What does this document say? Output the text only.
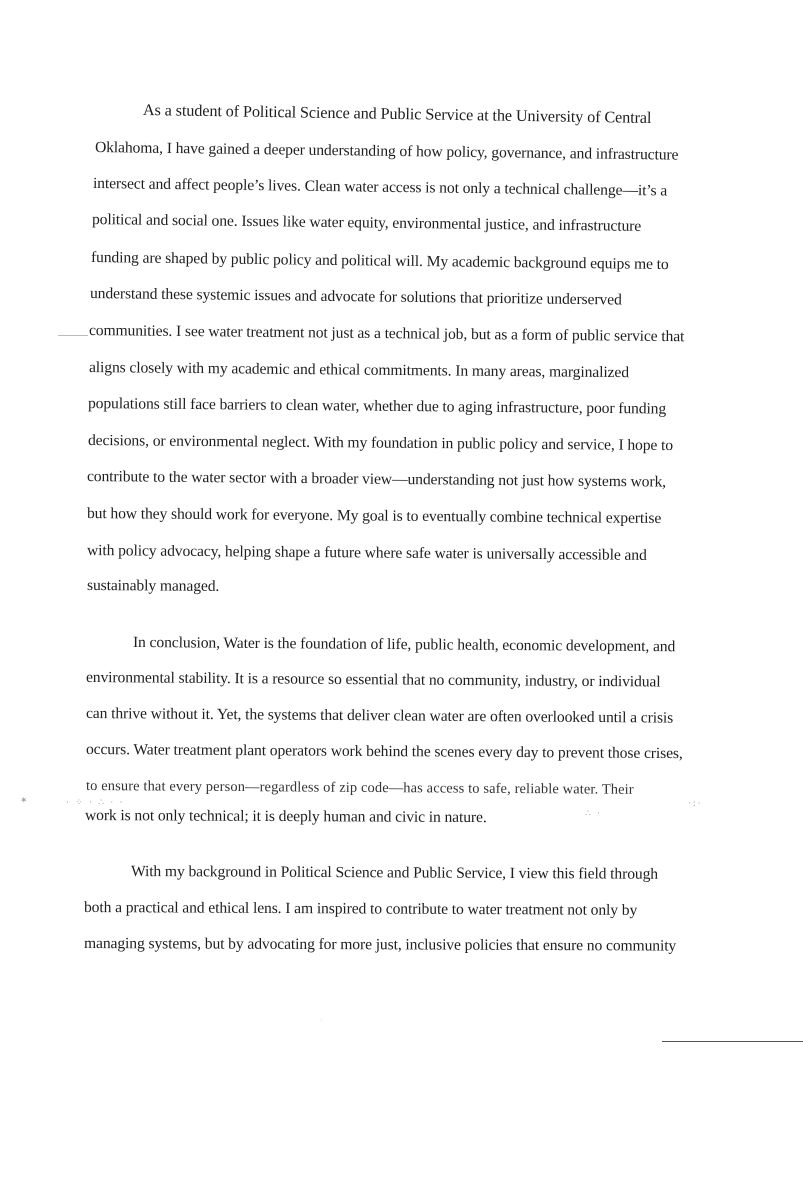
As a student of Political Science and Public Service at the University of Central
Oklahoma, I have gained a deeper understanding of how policy, governance, and infrastructure
intersect and affect people’s lives. Clean water access is not only a technical challenge—it’s a
political and social one. Issues like water equity, environmental justice, and infrastructure
funding are shaped by public policy and political will. My academic background equips me to
understand these systemic issues and advocate for solutions that prioritize underserved
communities. I see water treatment not just as a technical job, but as a form of public service that
aligns closely with my academic and ethical commitments. In many areas, marginalized
populations still face barriers to clean water, whether due to aging infrastructure, poor funding
decisions, or environmental neglect. With my foundation in public policy and service, I hope to
contribute to the water sector with a broader view—understanding not just how systems work,
but how they should work for everyone. My goal is to eventually combine technical expertise
with policy advocacy, helping shape a future where safe water is universally accessible and
sustainably managed.
In conclusion, Water is the foundation of life, public health, economic development, and
environmental stability. It is a resource so essential that no community, industry, or individual
can thrive without it. Yet, the systems that deliver clean water are often overlooked until a crisis
occurs. Water treatment plant operators work behind the scenes every day to prevent those crises,
to ensure that every person—regardless of zip code—has access to safe, reliable water. Their
work is not only technical; it is deeply human and civic in nature.
✶	· ⁘ · ∴ · ·
∴ ·
·:·
With my background in Political Science and Public Service, I view this field through
both a practical and ethical lens. I am inspired to contribute to water treatment not only by
managing systems, but by advocating for more just, inclusive policies that ensure no community
